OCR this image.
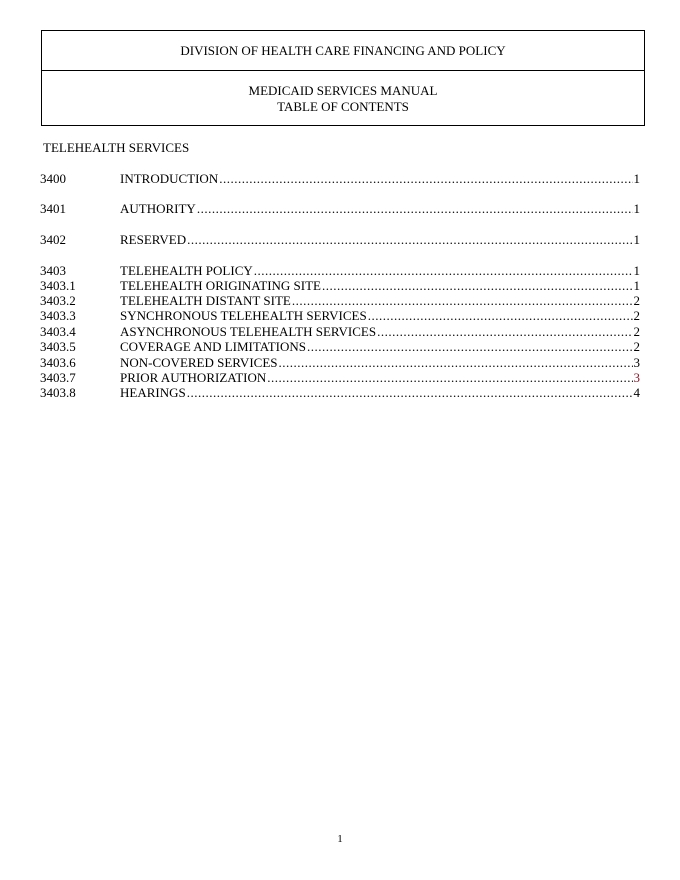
DIVISION OF HEALTH CARE FINANCING AND POLICY
MEDICAID SERVICES MANUAL
TABLE OF CONTENTS
TELEHEALTH SERVICES
3400	INTRODUCTION .....	1
3401	AUTHORITY .....	1
3402	RESERVED .....	1
3403	TELEHEALTH POLICY .....	1
3403.1	TELEHEALTH ORIGINATING SITE .....	1
3403.2	TELEHEALTH DISTANT SITE .....	2
3403.3	SYNCHRONOUS TELEHEALTH SERVICES .....	2
3403.4	ASYNCHRONOUS TELEHEALTH SERVICES .....	2
3403.5	COVERAGE AND LIMITATIONS .....	2
3403.6	NON-COVERED SERVICES .....	3
3403.7	PRIOR AUTHORIZATION .....	3
3403.8	HEARINGS .....	4
1
